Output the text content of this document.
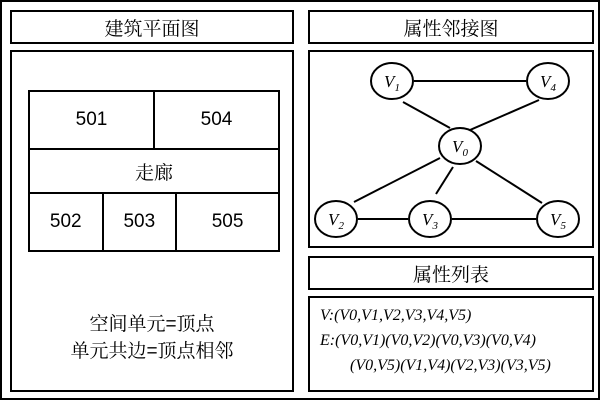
建筑平面图
501	504
走廊
502	503	505
空间单元=顶点
单元共边=顶点相邻
属性邻接图
$V_0$
$V_1$	$V_4$
$V_2$	$V_3$	$V_5$
属性列表
V:(V0,V1,V2,V3,V4,V5)
E:(V0,V1)(V0,V2)(V0,V3)(V0,V4)
(V0,V5)(V1,V4)(V2,V3)(V3,V5)
